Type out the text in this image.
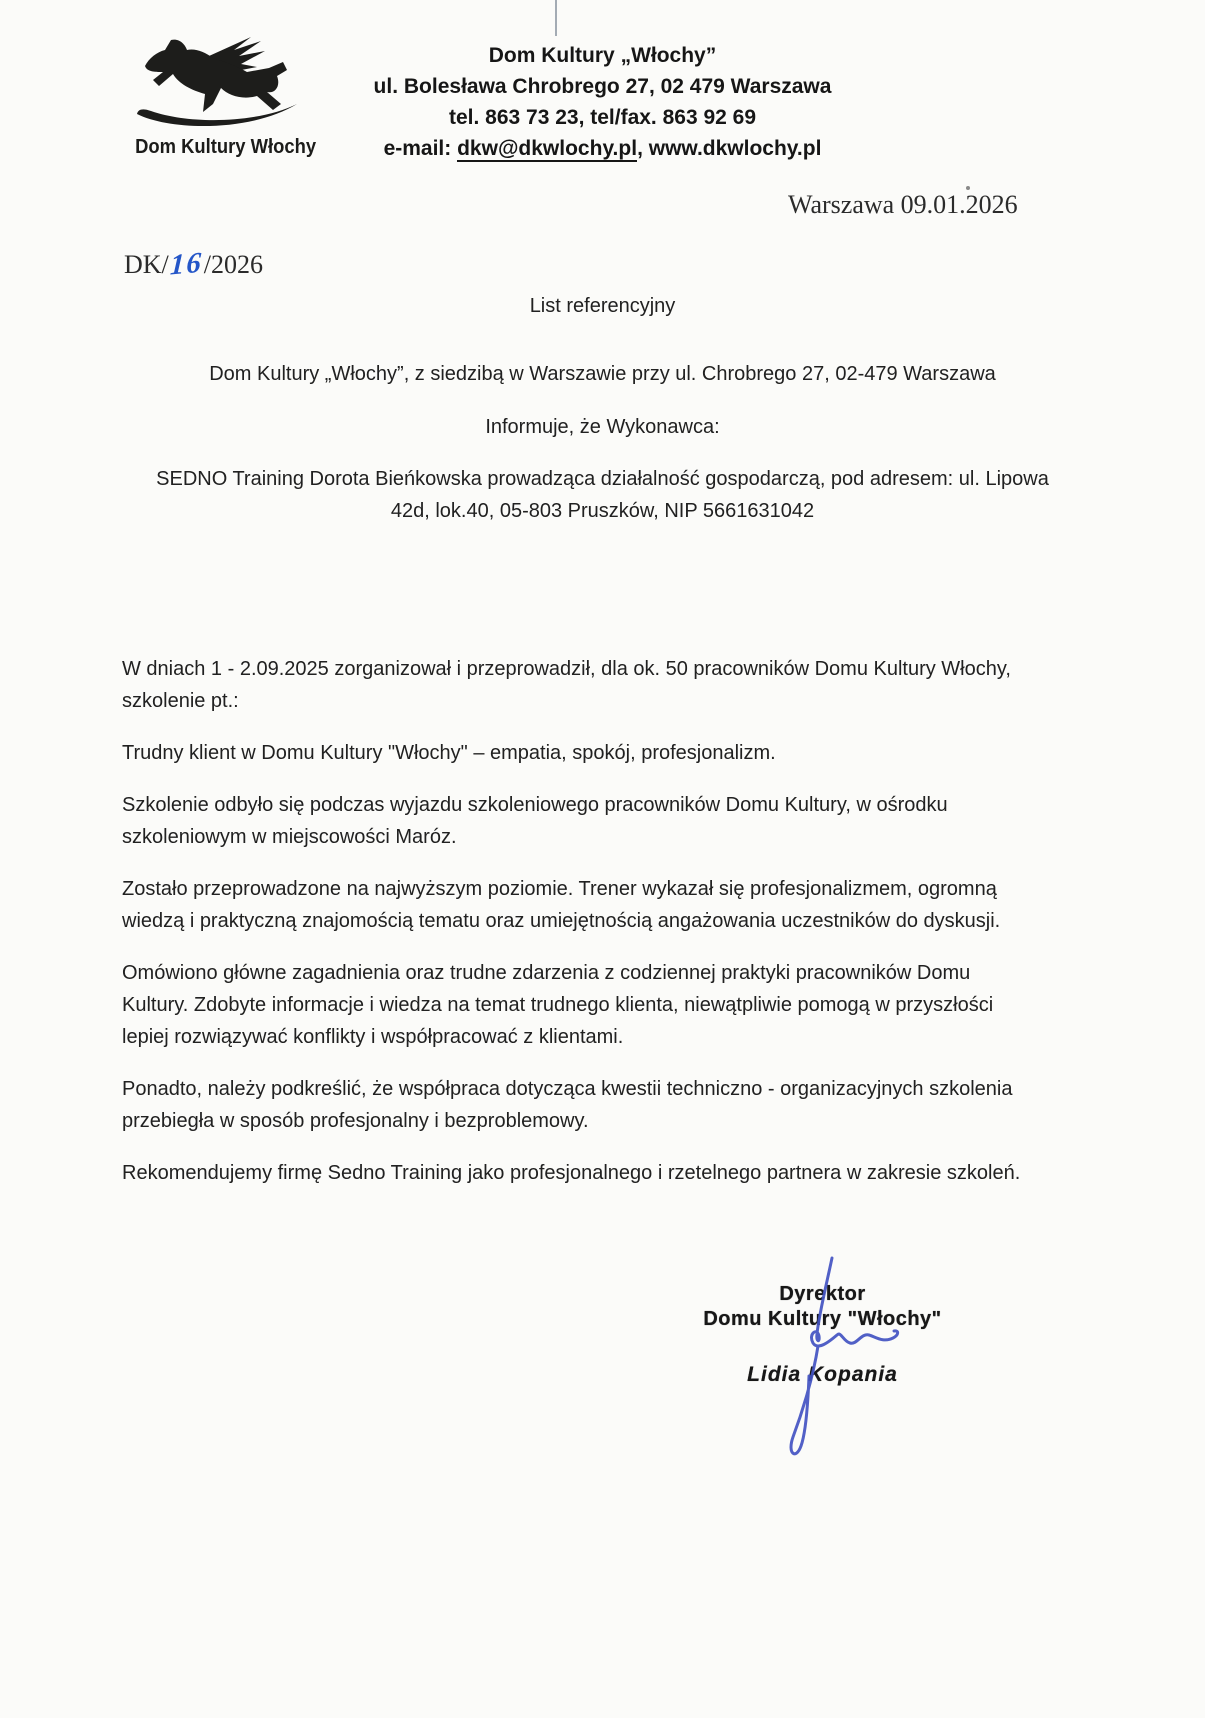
Dom Kultury Włochy
Dom Kultury „Włochy”
ul. Bolesława Chrobrego 27, 02 479 Warszawa
tel. 863 73 23, tel/fax. 863 92 69
e-mail: dkw@dkwlochy.pl, www.dkwlochy.pl
Warszawa 09.01.2026
DK/16/2026
List referencyjny
Dom Kultury „Włochy”, z siedzibą w Warszawie przy ul. Chrobrego 27, 02-479 Warszawa
Informuje, że Wykonawca:
SEDNO Training Dorota Bieńkowska prowadząca działalność gospodarczą, pod adresem: ul. Lipowa
42d, lok.40, 05-803 Pruszków, NIP 5661631042

W dniach 1 - 2.09.2025 zorganizował i przeprowadził, dla ok. 50 pracowników Domu Kultury Włochy,
szkolenie pt.:

Trudny klient w Domu Kultury "Włochy" – empatia, spokój, profesjonalizm.

Szkolenie odbyło się podczas wyjazdu szkoleniowego pracowników Domu Kultury, w ośrodku
szkoleniowym w miejscowości Maróz.

Zostało przeprowadzone na najwyższym poziomie. Trener wykazał się profesjonalizmem, ogromną
wiedzą i praktyczną znajomością tematu oraz umiejętnością angażowania uczestników do dyskusji.

Omówiono główne zagadnienia oraz trudne zdarzenia z codziennej praktyki pracowników Domu
Kultury. Zdobyte informacje i wiedza na temat trudnego klienta, niewątpliwie pomogą w przyszłości
lepiej rozwiązywać konflikty i współpracować z klientami.

Ponadto, należy podkreślić, że współpraca dotycząca kwestii techniczno - organizacyjnych szkolenia
przebiegła w sposób profesjonalny i bezproblemowy.

Rekomendujemy firmę Sedno Training jako profesjonalnego i rzetelnego partnera w zakresie szkoleń.

Dyrektor
Domu Kultury "Włochy"
Lidia Kopania
